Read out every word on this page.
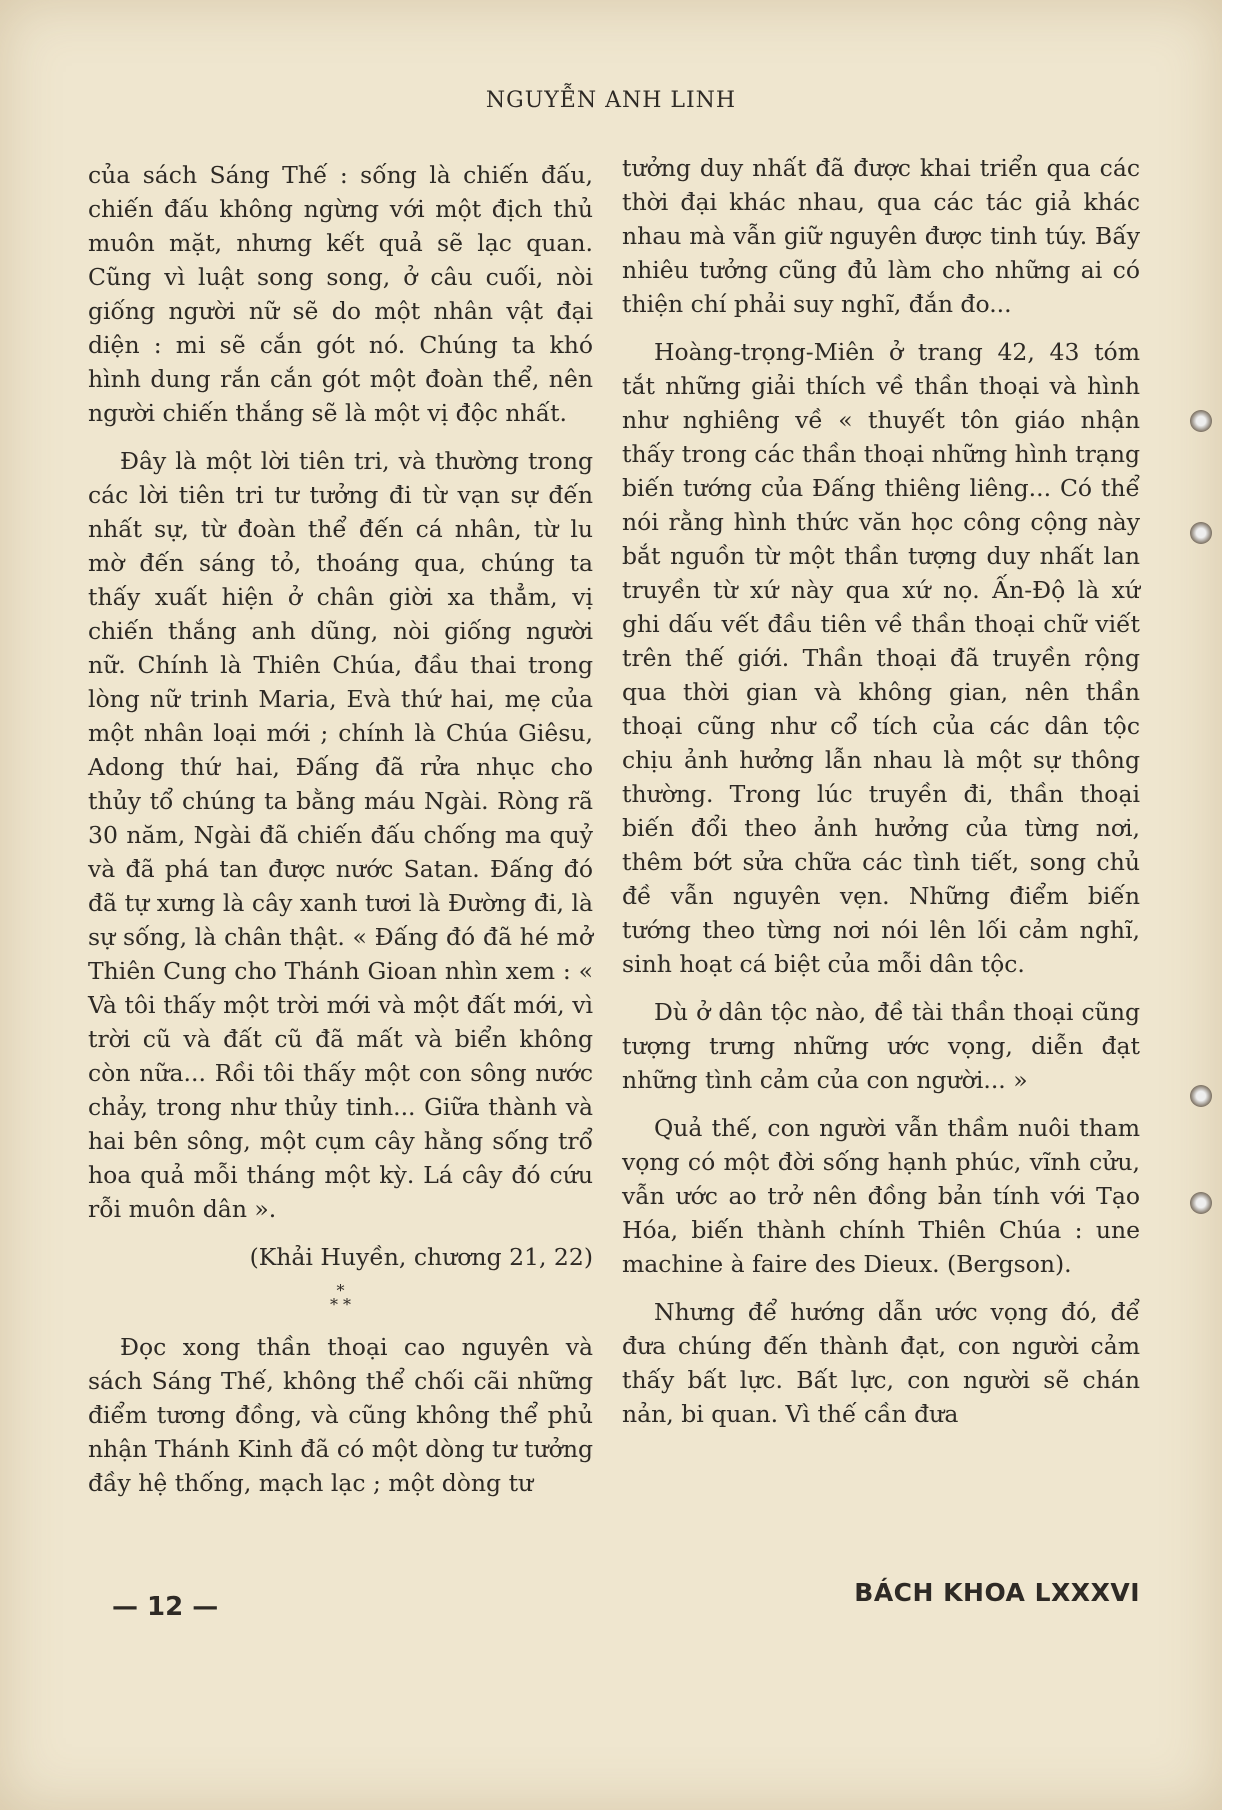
NGUYỄN ANH LINH

của sách Sáng Thế : sống là chiến đấu, chiến đấu không ngừng với một địch thủ muôn mặt, nhưng kết quả sẽ lạc quan. Cũng vì luật song song, ở câu cuối, nòi giống người nữ sẽ do một nhân vật đại diện : mi sẽ cắn gót nó. Chúng ta khó hình dung rắn cắn gót một đoàn thể, nên người chiến thắng sẽ là một vị độc nhất.

Đây là một lời tiên tri, và thường trong các lời tiên tri tư tưởng đi từ vạn sự đến nhất sự, từ đoàn thể đến cá nhân, từ lu mờ đến sáng tỏ, thoáng qua, chúng ta thấy xuất hiện ở chân giời xa thẳm, vị chiến thắng anh dũng, nòi giống người nữ. Chính là Thiên Chúa, đầu thai trong lòng nữ trinh Maria, Evà thứ hai, mẹ của một nhân loại mới ; chính là Chúa Giêsu, Adong thứ hai, Đấng đã rửa nhục cho thủy tổ chúng ta bằng máu Ngài. Ròng rã 30 năm, Ngài đã chiến đấu chống ma quỷ và đã phá tan được nước Satan. Đấng đó đã tự xưng là cây xanh tươi là Đường đi, là sự sống, là chân thật. « Đấng đó đã hé mở Thiên Cung cho Thánh Gioan nhìn xem : « Và tôi thấy một trời mới và một đất mới, vì trời cũ và đất cũ đã mất và biển không còn nữa... Rồi tôi thấy một con sông nước chảy, trong như thủy tinh... Giữa thành và hai bên sông, một cụm cây hằng sống trổ hoa quả mỗi tháng một kỳ. Lá cây đó cứu rỗi muôn dân ».

(Khải Huyền, chương 21, 22)

*
* *

Đọc xong thần thoại cao nguyên và sách Sáng Thế, không thể chối cãi những điểm tương đồng, và cũng không thể phủ nhận Thánh Kinh đã có một dòng tư tưởng đầy hệ thống, mạch lạc ; một dòng tư

tưởng duy nhất đã được khai triển qua các thời đại khác nhau, qua các tác giả khác nhau mà vẫn giữ nguyên được tinh túy. Bấy nhiêu tưởng cũng đủ làm cho những ai có thiện chí phải suy nghĩ, đắn đo...

Hoàng-trọng-Miên ở trang 42, 43 tóm tắt những giải thích về thần thoại và hình như nghiêng về « thuyết tôn giáo nhận thấy trong các thần thoại những hình trạng biến tướng của Đấng thiêng liêng... Có thể nói rằng hình thức văn học công cộng này bắt nguồn từ một thần tượng duy nhất lan truyền từ xứ này qua xứ nọ. Ấn-Độ là xứ ghi dấu vết đầu tiên về thần thoại chữ viết trên thế giới. Thần thoại đã truyền rộng qua thời gian và không gian, nên thần thoại cũng như cổ tích của các dân tộc chịu ảnh hưởng lẫn nhau là một sự thông thường. Trong lúc truyền đi, thần thoại biến đổi theo ảnh hưởng của từng nơi, thêm bớt sửa chữa các tình tiết, song chủ đề vẫn nguyên vẹn. Những điểm biến tướng theo từng nơi nói lên lối cảm nghĩ, sinh hoạt cá biệt của mỗi dân tộc.

Dù ở dân tộc nào, đề tài thần thoại cũng tượng trưng những ước vọng, diễn đạt những tình cảm của con người... »

Quả thế, con người vẫn thầm nuôi tham vọng có một đời sống hạnh phúc, vĩnh cửu, vẫn ước ao trở nên đồng bản tính với Tạo Hóa, biến thành chính Thiên Chúa : une machine à faire des Dieux. (Bergson).

Nhưng để hướng dẫn ước vọng đó, để đưa chúng đến thành đạt, con người cảm thấy bất lực. Bất lực, con người sẽ chán nản, bi quan. Vì thế cần đưa

— 12 —	BÁCH KHOA LXXXVI
